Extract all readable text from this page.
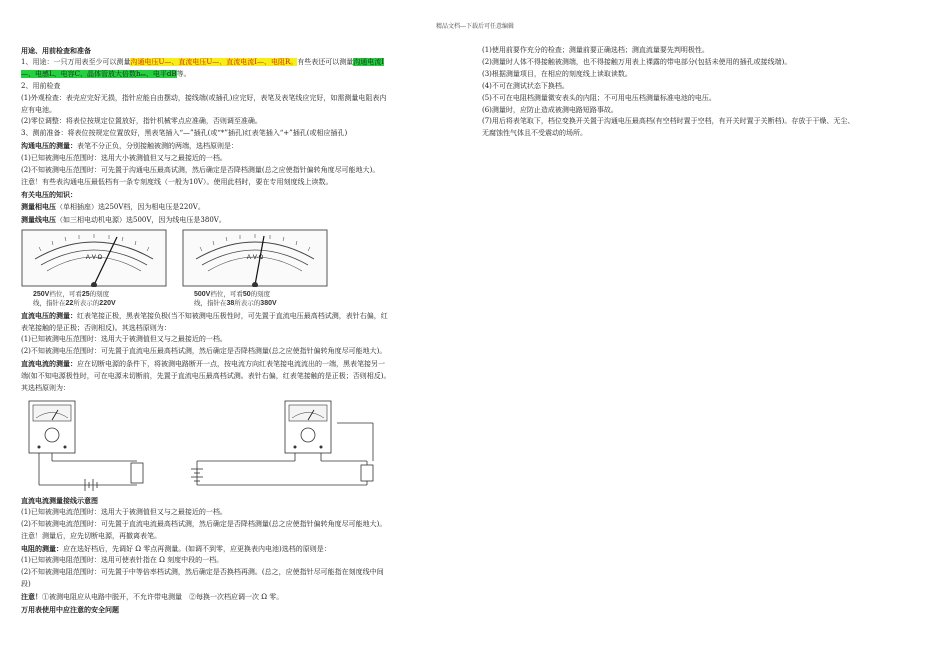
精品文档---下载后可任意编辑
用途、用前检查和准备
1、用途：一只万用表至少可以测量沟通电压U—、直流电压U—、直流电流I—、电阻R。有些表还可以测量沟通电流I
—、电感L、电容C、晶体管放大倍数hₑₑ、电平dB等。
2、用前检查
(1)外观检查：表壳应完好无损，指针应能自由摆动，接线端(或插孔)应完好，表笔及表笔线应完好，如需测量电阻表内
应有电池。
(2)零位调整：将表位按规定位置放好，指针机械零点应准确，否则调至准确。
3、测前准备：将表位按规定位置放好，黑表笔插入“—”插孔(或“*”插孔)红表笔插入“+”插孔(或相应插孔)
沟通电压的测量：表笔不分正负，分别接触被测的两端，选档原则是：
(1)已知被测电压范围时：选用大小被测值但又与之最接近的一档。
(2)不知被测电压范围时：可先置于沟通电压最高试测，然后确定是否降档测量(总之应使指针偏转角度尽可能地大)。
注意！有些表沟通电压最低档有一条专刻度线（一般为10V）。使用此档时，要在专用刻度线上读数。
有关电压的知识：
测量相电压（单相插座）选250V档，因为相电压是220V。
测量线电压（如三相电动机电源）选500V，因为线电压是380V。
A-V-Ω
250V档位，可看25的刻度
线，指针在22所表示的220V
A-V-Ω
500V档位，可看50的刻度
线，指针在38所表示的380V
直流电压的测量：红表笔接正极，黑表笔接负极(当不知被测电压极性时，可先置于直流电压最高档试测，表针右偏，红
表笔接触的是正极；否则相反)。其选档原则为：
(1)已知被测电压范围时：选用大于被测值但又与之最接近的一档。
(2)不知被测电压范围时：可先置于直流电压最高档试测，然后确定是否降档测量(总之应使指针偏转角度尽可能地大)。
直流电流的测量：应在切断电源的条件下，将被测电路断开一点，按电流方向红表笔接电流流出的一端，黑表笔接另一
端(如不知电源极性时，可在电源未切断前，先置于直流电压最高档试测。表针右偏，红表笔接触的是正极；否则相反)。
其选档原则为：
直流电流测量接线示意图
(1)已知被测电流范围时：选用大于被测值但又与之最接近的一档。
(2)不知被测电流范围时：可先置于直流电流最高档试测，然后确定是否降档测量(总之应使指针偏转角度尽可能地大)。
注意！测量后，应先切断电源，再撤离表笔。
电阻的测量：应在选好档后，先调好 Ω 零点再测量。(如调不到零，应更换表内电池)选档的原则是：
(1)已知被测电阻范围时：选用可使表针指在 Ω 刻度中段的一档。
(2)不知被测电阻范围时：可先置于中等倍率档试测，然后确定是否换档再测。(总之，应使指针尽可能指在刻度线中间
段)
注意！①被测电阻应从电路中脱开，不允许带电测量　②每换一次档应调一次 Ω 零。
万用表使用中应注意的安全问题
(1)使用前要作充分的检查；测量前要正确选档；测直流量要先判明极性。
(2)测量时人体不得接触被测端，也不得接触万用表上裸露的带电部分(包括未使用的插孔或接线端)。
(3)根据测量项目，在相应的刻度线上读取读数。
(4)不可在测试状态下换档。
(5)不可在电阻档测量微安表头的内阻；不可用电压档测量标准电池的电压。
(6)测量时，应防止造成被测电路短路事故。
(7)用后将表笔取下，档位变换开关置于沟通电压最高档(有空档时置于空档，有开关时置于关断档)。存放于干燥、无尘、
无腐蚀性气体且不受震动的场所。
